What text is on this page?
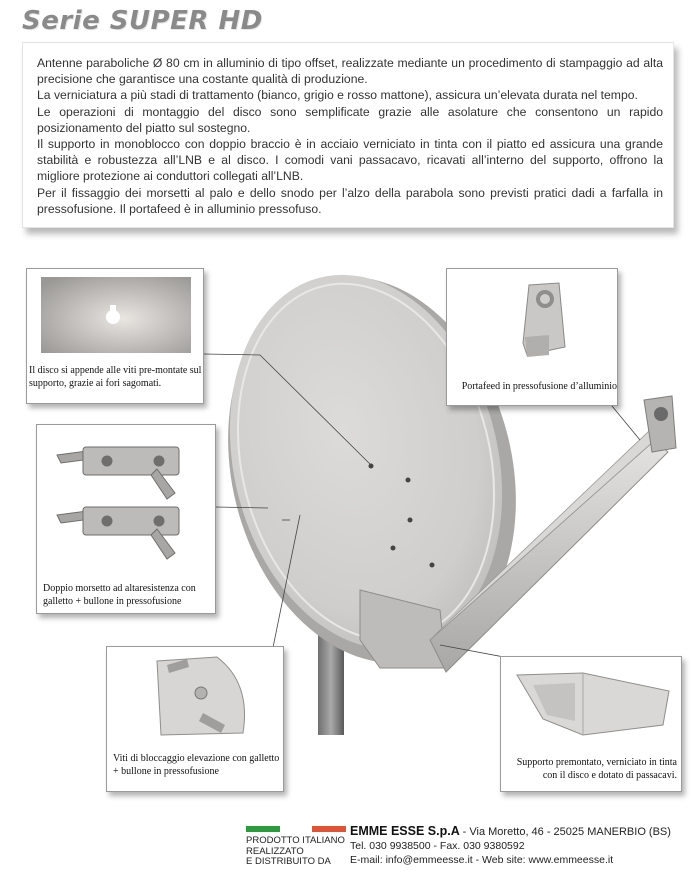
Serie SUPER HD

Antenne paraboliche Ø 80 cm in alluminio di tipo offset, realizzate mediante un procedimento di stampaggio ad alta precisione che garantisce una costante qualità di produzione.

La verniciatura a più stadi di trattamento (bianco, grigio e rosso mattone), assicura un’elevata durata nel tempo.

Le operazioni di montaggio del disco sono semplificate grazie alle asolature che consentono un rapido posizionamento del piatto sul sostegno.

Il supporto in monoblocco con doppio braccio è in acciaio verniciato in tinta con il piatto ed assicura una grande stabilità e robustezza all’LNB e al disco. I comodi vani passacavo, ricavati all’interno del supporto, offrono la migliore protezione ai conduttori collegati all’LNB.

Per il fissaggio dei morsetti al palo e dello snodo per l’alzo della parabola sono previsti pratici dadi a farfalla in pressofusione. Il portafeed è in alluminio pressofuso.

Il disco si appende alle viti pre-montate sul supporto, grazie ai fori sagomati.	Portafeed in pressofusione d’alluminio
Doppio morsetto ad altaresistenza con galletto + bullone in pressofusione
Viti di bloccaggio elevazione con galletto + bullone in pressofusione
Supporto premontato, verniciato in tinta con il disco e dotato di passacavi.
PRODOTTO ITALIANO
REALIZZATO
E DISTRIBUITO DA
EMME ESSE S.p.A - Via Moretto, 46 - 25025 MANERBIO (BS)
Tel. 030 9938500 - Fax. 030 9380592
E-mail: info@emmeesse.it - Web site: www.emmeesse.it
